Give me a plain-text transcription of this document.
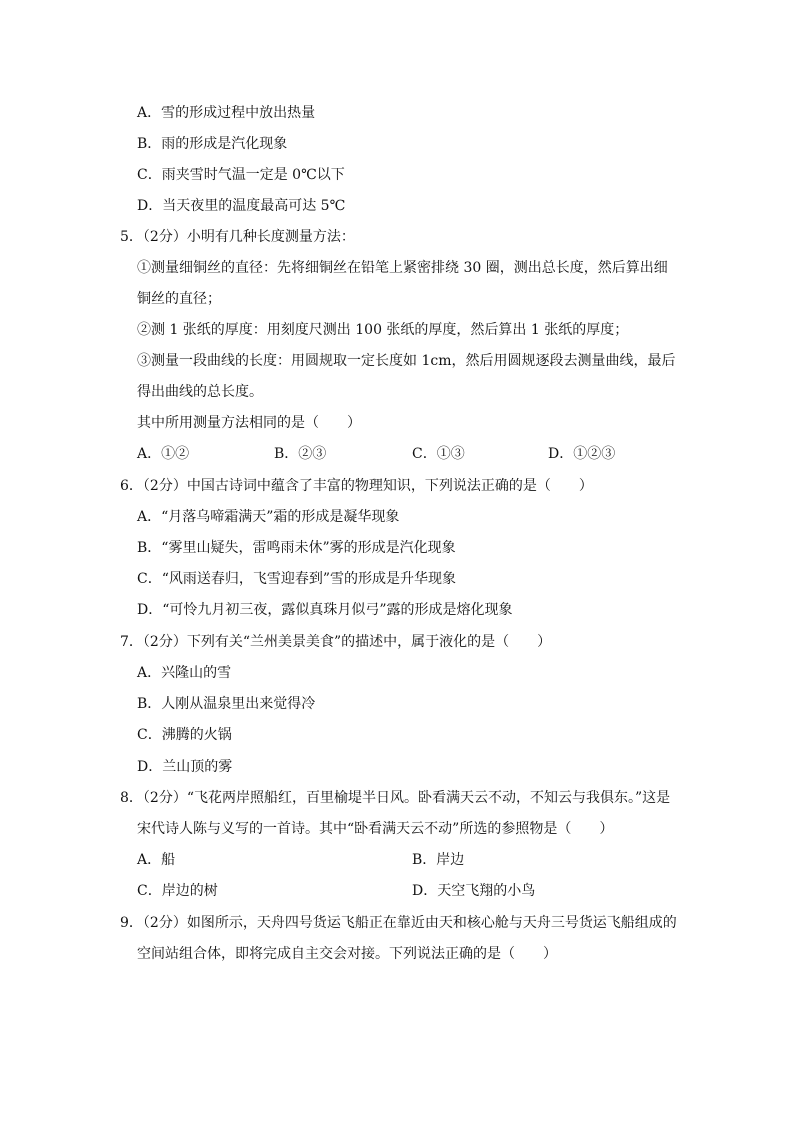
A．雪的形成过程中放出热量
B．雨的形成是汽化现象
C．雨夹雪时气温一定是 0℃以下
D．当天夜里的温度最高可达 5℃
5．（2分）小明有几种长度测量方法：
①测量细铜丝的直径：先将细铜丝在铅笔上紧密排绕 30 圈，测出总长度，然后算出细
铜丝的直径；
②测 1 张纸的厚度：用刻度尺测出 100 张纸的厚度，然后算出 1 张纸的厚度；
③测量一段曲线的长度：用圆规取一定长度如 1cm，然后用圆规逐段去测量曲线，最后
得出曲线的总长度。
其中所用测量方法相同的是（　　）
A．①②	B．②③	C．①③	D．①②③
6．（2分）中国古诗词中蕴含了丰富的物理知识，下列说法正确的是（　　）
A．“月落乌啼霜满天”霜的形成是凝华现象
B．“雾里山疑失，雷鸣雨未休”雾的形成是汽化现象
C．“风雨送春归，飞雪迎春到”雪的形成是升华现象
D．“可怜九月初三夜，露似真珠月似弓”露的形成是熔化现象
7．（2分）下列有关“兰州美景美食”的描述中，属于液化的是（　　）
A．兴隆山的雪
B．人刚从温泉里出来觉得冷
C．沸腾的火锅
D．兰山顶的雾
8．（2分）“飞花两岸照船红，百里榆堤半日风。卧看满天云不动，不知云与我俱东。”这是
宋代诗人陈与义写的一首诗。其中“卧看满天云不动”所选的参照物是（　　）
A．船	B．岸边
C．岸边的树	D．天空飞翔的小鸟
9．（2分）如图所示，天舟四号货运飞船正在靠近由天和核心舱与天舟三号货运飞船组成的
空间站组合体，即将完成自主交会对接。下列说法正确的是（　　）
